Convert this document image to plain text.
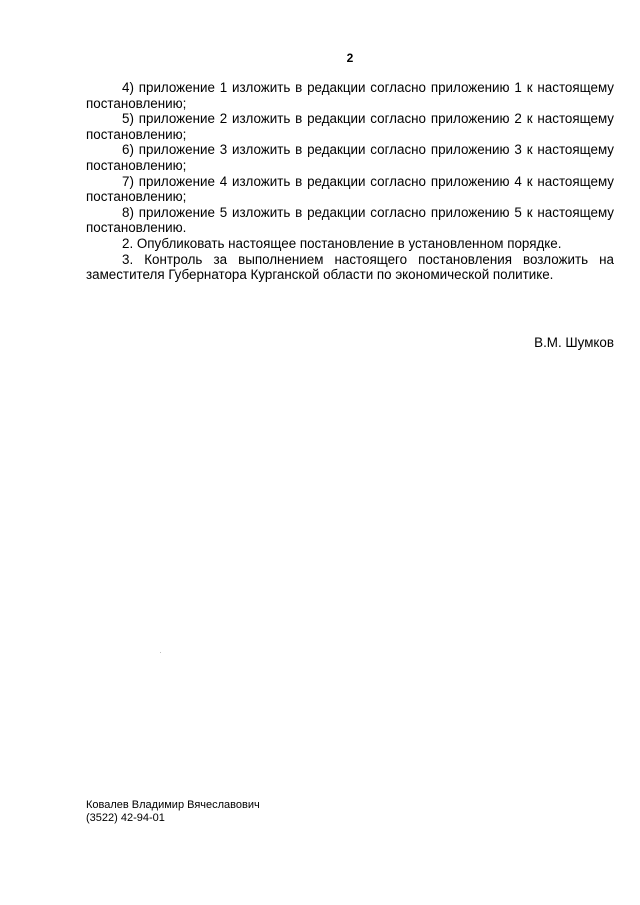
2

4) приложение 1 изложить в редакции согласно приложению 1 к настоящему постановлению;

5) приложение 2 изложить в редакции согласно приложению 2 к настоящему постановлению;

6) приложение 3 изложить в редакции согласно приложению 3 к настоящему постановлению;

7) приложение 4 изложить в редакции согласно приложению 4 к настоящему постановлению;

8) приложение 5 изложить в редакции согласно приложению 5 к настоящему постановлению.

2. Опубликовать настоящее постановление в установленном порядке.

3. Контроль за выполнением настоящего постановления возложить на заместителя Губернатора Курганской области по экономической политике.

В.М. Шумков
Ковалев Владимир Вячеславович
(3522) 42-94-01
